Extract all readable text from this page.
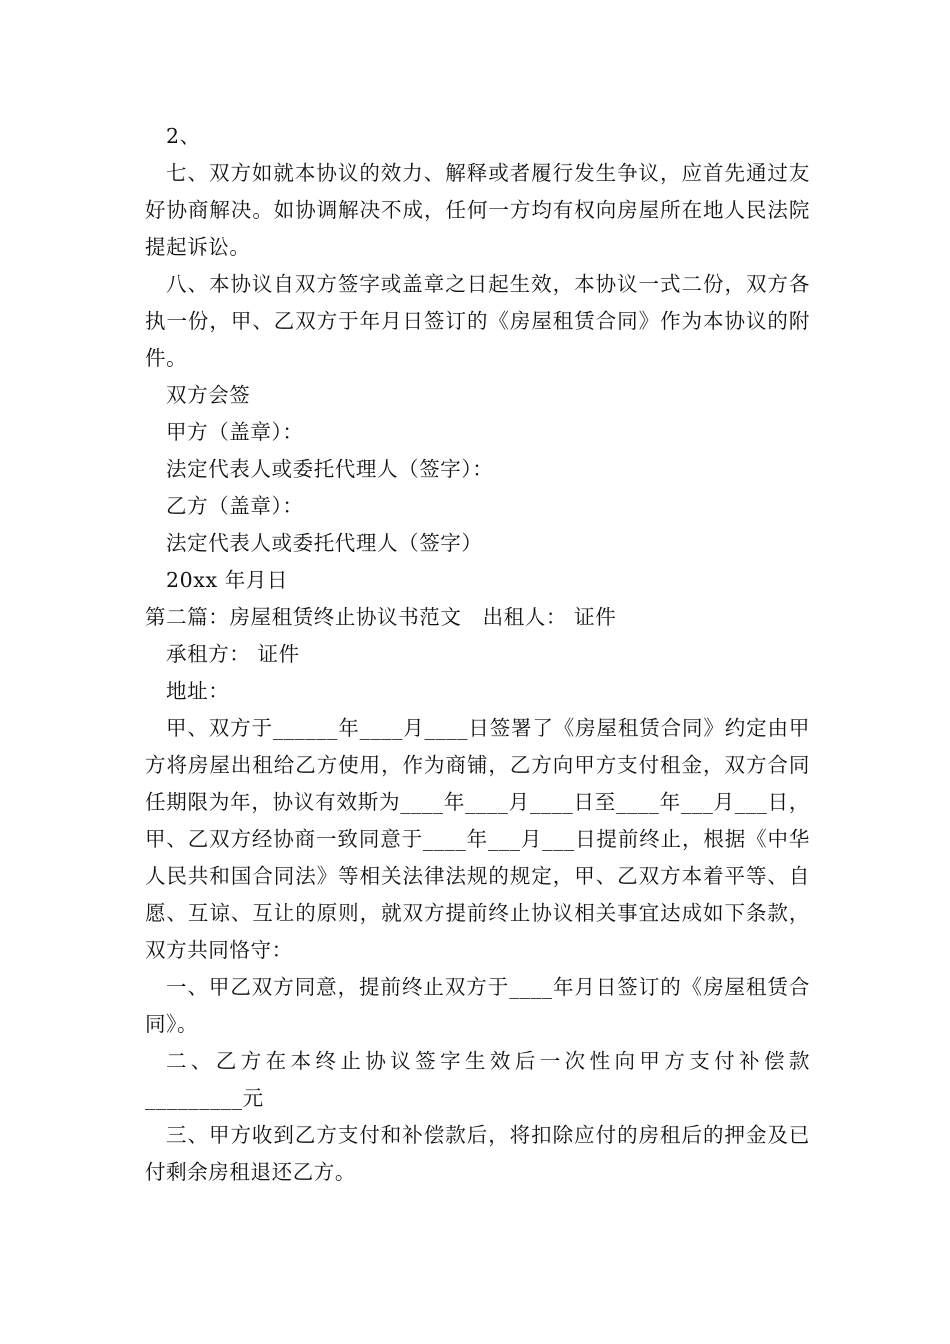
2、

七、双方如就本协议的效力、解释或者履行发生争议，应首先通过友好协商解决。如协调解决不成，任何一方均有权向房屋所在地人民法院提起诉讼。

八、本协议自双方签字或盖章之日起生效，本协议一式二份，双方各执一份，甲、乙双方于年月日签订的《房屋租赁合同》作为本协议的附件。

双方会签
甲方（盖章）：
法定代表人或委托代理人（签字）：
乙方（盖章）：
法定代表人或委托代理人（签字）
20xx 年月日
第二篇：房屋租赁终止协议书范文　出租人： 证件
承租方： 证件
地址：

甲、双方于______年____月____日签署了《房屋租赁合同》约定由甲方将房屋出租给乙方使用，作为商铺，乙方向甲方支付租金，双方合同任期限为年，协议有效斯为____年____月____日至____年___月___日，甲、乙双方经协商一致同意于____年___月___日提前终止，根据《中华人民共和国合同法》等相关法律法规的规定，甲、乙双方本着平等、自愿、互谅、互让的原则，就双方提前终止协议相关事宜达成如下条款，双方共同恪守：

一、甲乙双方同意，提前终止双方于____年月日签订的《房屋租赁合同》。

二、乙方在本终止协议签字生效后一次性向甲方支付补偿款_________元

三、甲方收到乙方支付和补偿款后，将扣除应付的房租后的押金及已付剩余房租退还乙方。
